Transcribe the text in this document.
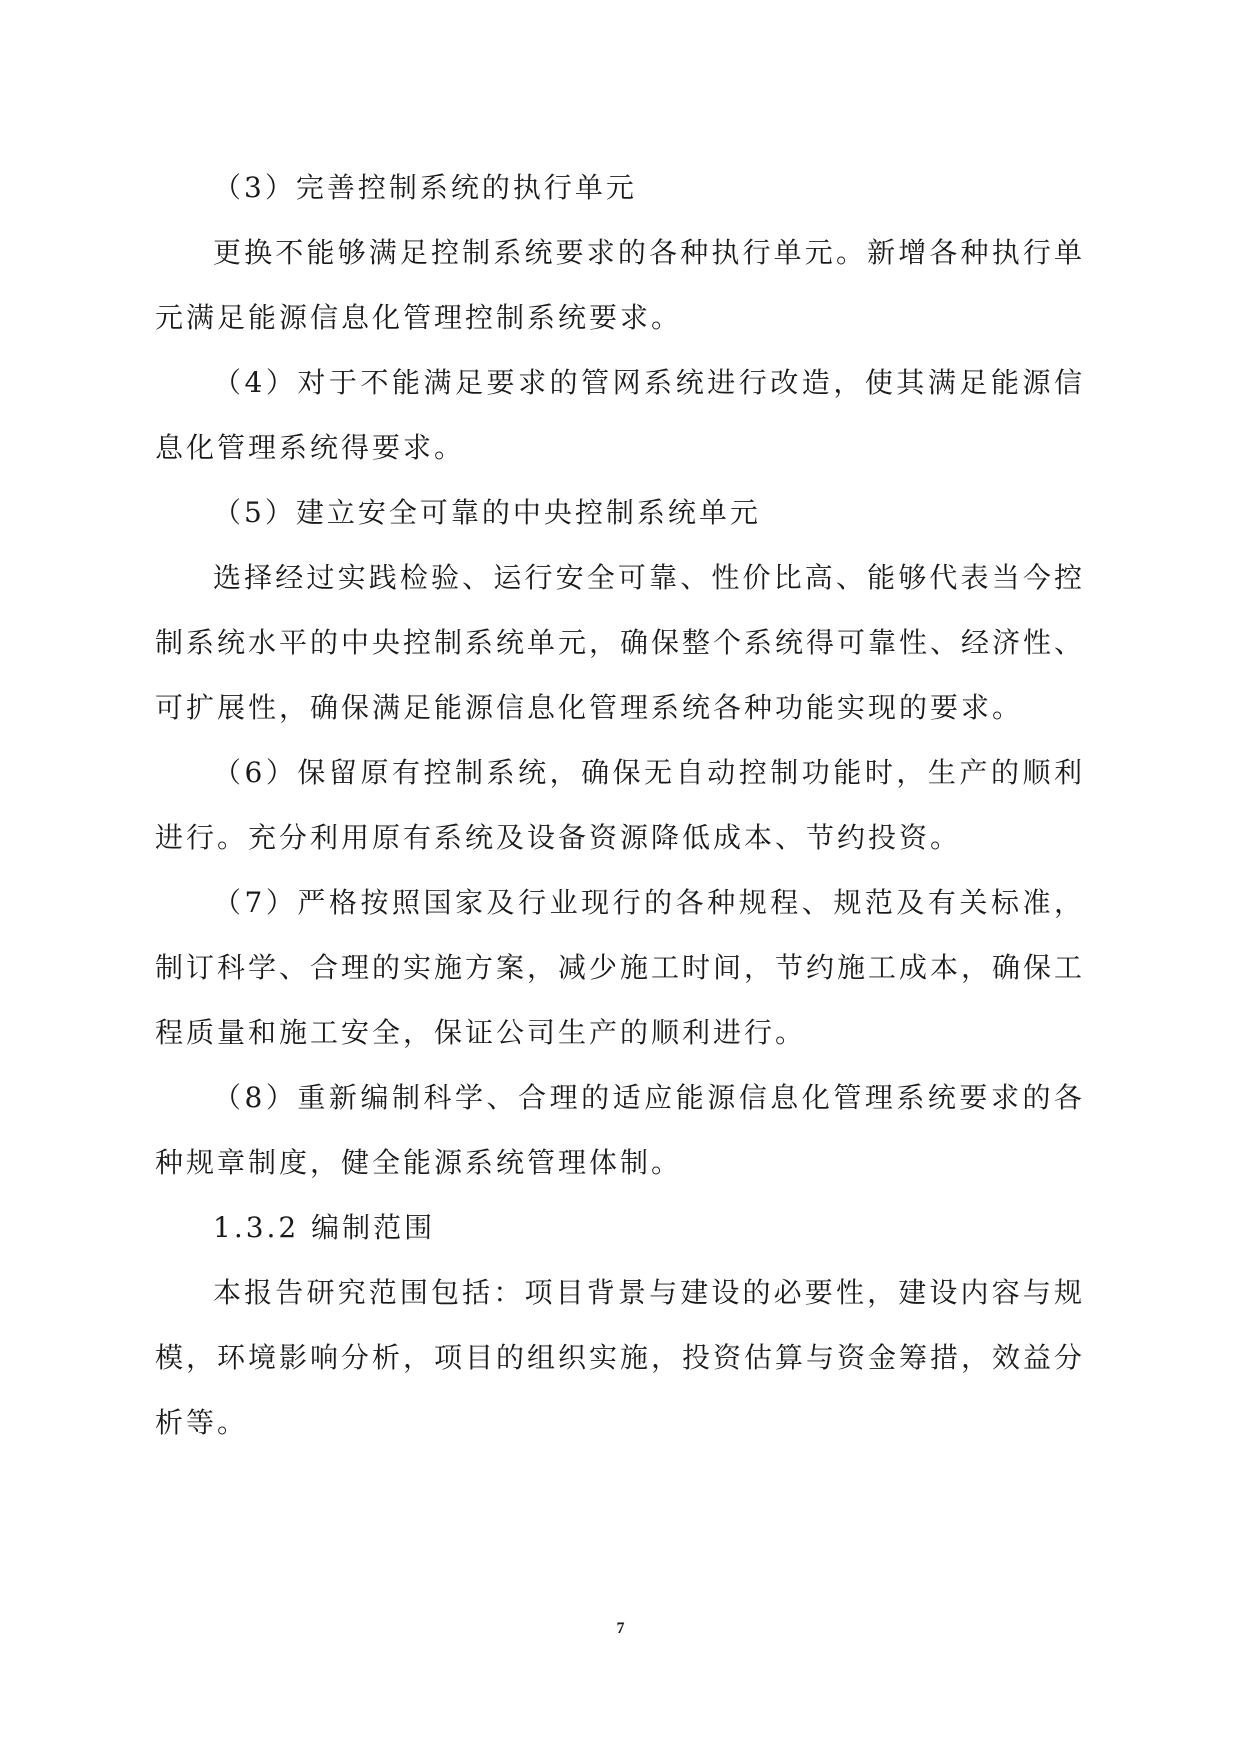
（3）完善控制系统的执行单元

更换不能够满足控制系统要求的各种执行单元。新增各种执行单元满足能源信息化管理控制系统要求。

（4）对于不能满足要求的管网系统进行改造，使其满足能源信息化管理系统得要求。

（5）建立安全可靠的中央控制系统单元

选择经过实践检验、运行安全可靠、性价比高、能够代表当今控制系统水平的中央控制系统单元，确保整个系统得可靠性、经济性、可扩展性，确保满足能源信息化管理系统各种功能实现的要求。

（6）保留原有控制系统，确保无自动控制功能时，生产的顺利进行。充分利用原有系统及设备资源降低成本、节约投资。

（7）严格按照国家及行业现行的各种规程、规范及有关标准，制订科学、合理的实施方案，减少施工时间，节约施工成本，确保工程质量和施工安全，保证公司生产的顺利进行。

（8）重新编制科学、合理的适应能源信息化管理系统要求的各种规章制度，健全能源系统管理体制。

1.3.2 编制范围

本报告研究范围包括：项目背景与建设的必要性，建设内容与规模，环境影响分析，项目的组织实施，投资估算与资金筹措，效益分析等。

7
